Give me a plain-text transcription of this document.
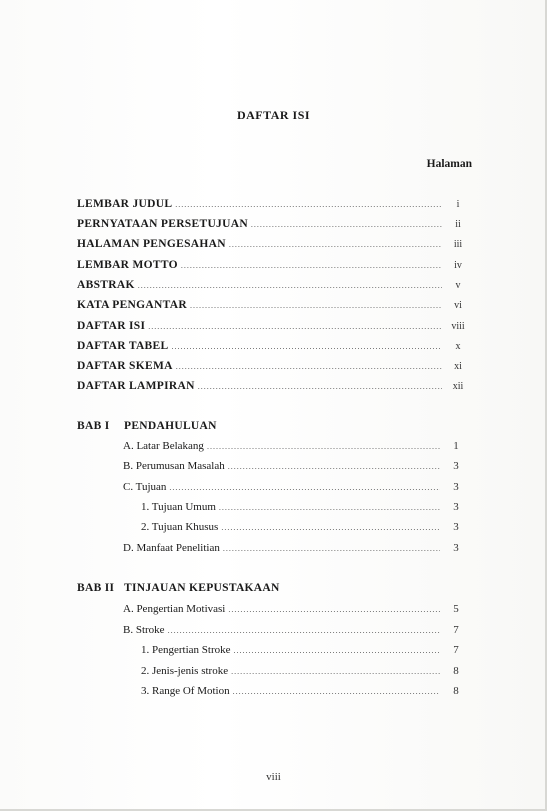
DAFTAR ISI
Halaman
LEMBAR JUDUL .....	i
PERNYATAAN PERSETUJUAN .....	ii
HALAMAN PENGESAHAN .....	iii
LEMBAR MOTTO .....	iv
ABSTRAK .....	v
KATA PENGANTAR .....	vi
DAFTAR ISI .....	viii
DAFTAR TABEL .....	x
DAFTAR SKEMA .....	xi
DAFTAR LAMPIRAN .....	xii
BAB I PENDAHULUAN
A. Latar Belakang .....	1
B. Perumusan Masalah .....	3
C. Tujuan .....	3
1. Tujuan Umum .....	3
2. Tujuan Khusus .....	3
D. Manfaat Penelitian .....	3
BAB II TINJAUAN KEPUSTAKAAN
A. Pengertian Motivasi .....	5
B. Stroke .....	7
1. Pengertian Stroke .....	7
2. Jenis-jenis stroke .....	8
3. Range Of Motion .....	8
viii
